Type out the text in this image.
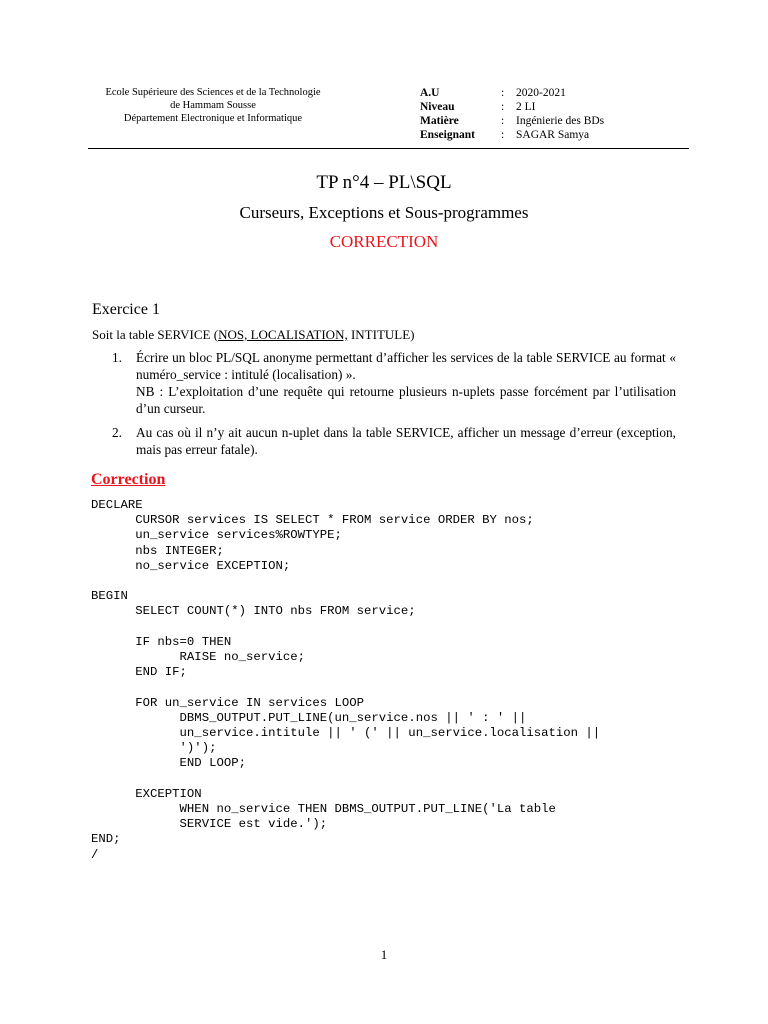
Ecole Supérieure des Sciences et de la Technologie
de Hammam Sousse
Département Electronique et Informatique
A.U	:	2020-2021
Niveau	:	2 LI
Matière	:	Ingénierie des BDs
Enseignant	:	SAGAR Samya
TP n°4 – PL\SQL
Curseurs, Exceptions et Sous-programmes
CORRECTION
Exercice 1
Soit la table SERVICE (NOS, LOCALISATION, INTITULE)
1. Écrire un bloc PL/SQL anonyme permettant d’afficher les services de la table SERVICE au format « numéro_service : intitulé (localisation) ».
NB : L’exploitation d’une requête qui retourne plusieurs n-uplets passe forcément par l’utilisation d’un curseur.
2. Au cas où il n’y ait aucun n-uplet dans la table SERVICE, afficher un message d’erreur (exception, mais pas erreur fatale).
Correction
DECLARE
CURSOR services IS SELECT * FROM service ORDER BY nos;
un_service services%ROWTYPE;
nbs INTEGER;
no_service EXCEPTION;

BEGIN
SELECT COUNT(*) INTO nbs FROM service;

IF nbs=0 THEN
RAISE no_service;
END IF;

FOR un_service IN services LOOP
DBMS_OUTPUT.PUT_LINE(un_service.nos || ' : ' ||
un_service.intitule || ' (' || un_service.localisation ||
')');
END LOOP;

EXCEPTION
WHEN no_service THEN DBMS_OUTPUT.PUT_LINE('La table
SERVICE est vide.');
END;
/

1
